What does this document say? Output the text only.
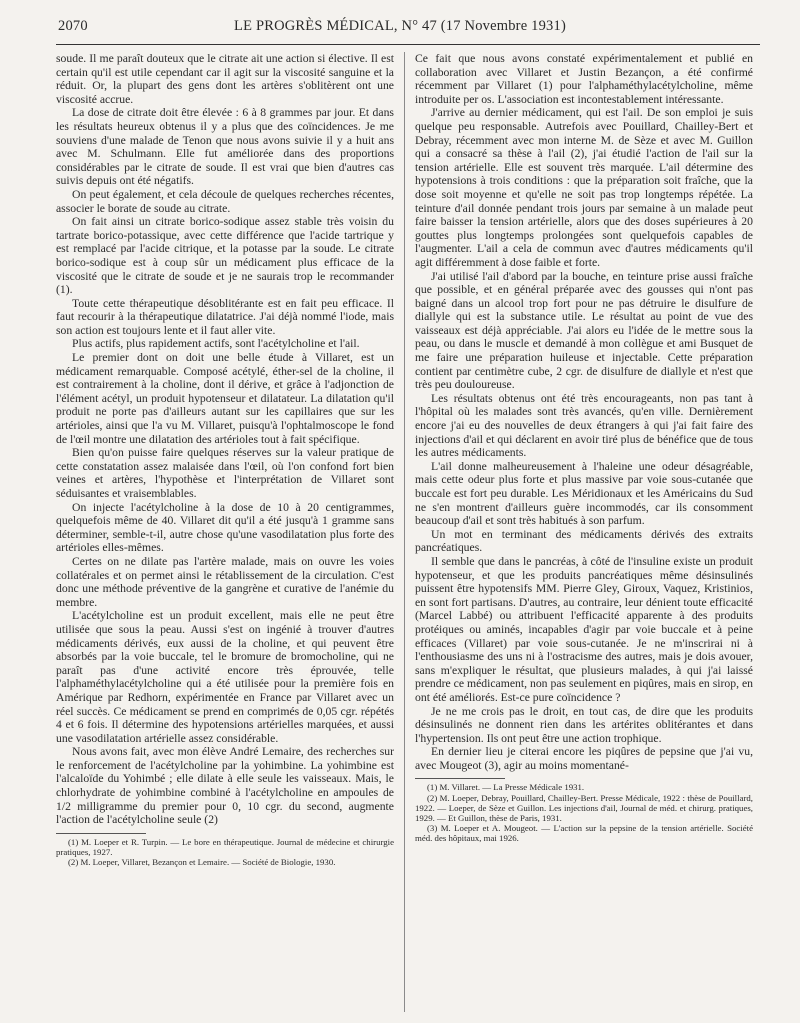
2070	LE PROGRÈS MÉDICAL, N° 47 (17 Novembre 1931)

soude. Il me paraît douteux que le citrate ait une action si élective. Il est certain qu'il est utile cependant car il agit sur la viscosité sanguine et la réduit. Or, la plupart des gens dont les artères s'oblitèrent ont une viscosité accrue.

La dose de citrate doit être élevée : 6 à 8 grammes par jour. Et dans les résultats heureux obtenus il y a plus que des coïncidences. Je me souviens d'une malade de Tenon que nous avons suivie il y a huit ans avec M. Schulmann. Elle fut améliorée dans des proportions considérables par le citrate de soude. Il est vrai que bien d'autres cas suivis depuis ont été négatifs.

On peut également, et cela découle de quelques recherches récentes, associer le borate de soude au citrate.

On fait ainsi un citrate borico-sodique assez stable très voisin du tartrate borico-potassique, avec cette différence que l'acide tartrique y est remplacé par l'acide citrique, et la potasse par la soude. Le citrate borico-sodique est à coup sûr un médicament plus efficace de la viscosité que le citrate de soude et je ne saurais trop le recommander (1).

Toute cette thérapeutique désoblitérante est en fait peu efficace. Il faut recourir à la thérapeutique dilatatrice. J'ai déjà nommé l'iode, mais son action est toujours lente et il faut aller vite.

Plus actifs, plus rapidement actifs, sont l'acétylcholine et l'ail.

Le premier dont on doit une belle étude à Villaret, est un médicament remarquable. Composé acétylé, éther-sel de la choline, il est contrairement à la choline, dont il dérive, et grâce à l'adjonction de l'élément acétyl, un produit hypotenseur et dilatateur. La dilatation qu'il produit ne porte pas d'ailleurs autant sur les capillaires que sur les artérioles, ainsi que l'a vu M. Villaret, puisqu'à l'ophtalmoscope le fond de l'œil montre une dilatation des artérioles tout à fait spécifique.

Bien qu'on puisse faire quelques réserves sur la valeur pratique de cette constatation assez malaisée dans l'œil, où l'on confond fort bien veines et artères, l'hypothèse et l'interprétation de Villaret sont séduisantes et vraisemblables.

On injecte l'acétylcholine à la dose de 10 à 20 centigrammes, quelquefois même de 40. Villaret dit qu'il a été jusqu'à 1 gramme sans déterminer, semble-t-il, autre chose qu'une vasodilatation plus forte des artérioles elles-mêmes.

Certes on ne dilate pas l'artère malade, mais on ouvre les voies collatérales et on permet ainsi le rétablissement de la circulation. C'est donc une méthode préventive de la gangrène et curative de l'anémie du membre.

L'acétylcholine est un produit excellent, mais elle ne peut être utilisée que sous la peau. Aussi s'est on ingénié à trouver d'autres médicaments dérivés, eux aussi de la choline, et qui peuvent être absorbés par la voie buccale, tel le bromure de bromocholine, qui ne paraît pas d'une activité encore très éprouvée, telle l'alphaméthylacétylcholine qui a été utilisée pour la première fois en Amérique par Redhorn, expérimentée en France par Villaret avec un réel succès. Ce médicament se prend en comprimés de 0,05 cgr. répétés 4 et 6 fois. Il détermine des hypotensions artérielles marquées, et aussi une vasodilatation artérielle assez considérable.

Nous avons fait, avec mon élève André Lemaire, des recherches sur le renforcement de l'acétylcholine par la yohimbine. La yohimbine est l'alcaloïde du Yohimbé ; elle dilate à elle seule les vaisseaux. Mais, le chlorhydrate de yohimbine combiné à l'acétylcholine en ampoules de 1/2 milligramme du premier pour 0, 10 cgr. du second, augmente l'action de l'acétylcholine seule (2)

(1) M. Loeper et R. Turpin. — Le bore en thérapeutique. Journal de médecine et chirurgie pratiques, 1927.

(2) M. Loeper, Villaret, Bezançon et Lemaire. — Société de Biologie, 1930.

Ce fait que nous avons constaté expérimentalement et publié en collaboration avec Villaret et Justin Bezançon, a été confirmé récemment par Villaret (1) pour l'alphaméthylacétylcholine, même introduite per os. L'association est incontestablement intéressante.

J'arrive au dernier médicament, qui est l'ail. De son emploi je suis quelque peu responsable. Autrefois avec Pouillard, Chailley-Bert et Debray, récemment avec mon interne M. de Sèze et avec M. Guillon qui a consacré sa thèse à l'ail (2), j'ai étudié l'action de l'ail sur la tension artérielle. Elle est souvent très marquée. L'ail détermine des hypotensions à trois conditions : que la préparation soit fraîche, que la dose soit moyenne et qu'elle ne soit pas trop longtemps répétée. La teinture d'ail donnée pendant trois jours par semaine à un malade peut faire baisser la tension artérielle, alors que des doses supérieures à 20 gouttes plus longtemps prolongées sont quelquefois capables de l'augmenter. L'ail a cela de commun avec d'autres médicaments qu'il agit différemment à dose faible et forte.

J'ai utilisé l'ail d'abord par la bouche, en teinture prise aussi fraîche que possible, et en général préparée avec des gousses qui n'ont pas baigné dans un alcool trop fort pour ne pas détruire le disulfure de diallyle qui est la substance utile. Le résultat au point de vue des vaisseaux est déjà appréciable. J'ai alors eu l'idée de le mettre sous la peau, ou dans le muscle et demandé à mon collègue et ami Busquet de me faire une préparation huileuse et injectable. Cette préparation contient par centimètre cube, 2 cgr. de disulfure de diallyle et n'est que très peu douloureuse.

Les résultats obtenus ont été très encourageants, non pas tant à l'hôpital où les malades sont très avancés, qu'en ville. Dernièrement encore j'ai eu des nouvelles de deux étrangers à qui j'ai fait faire des injections d'ail et qui déclarent en avoir tiré plus de bénéfice que de tous les autres médicaments.

L'ail donne malheureusement à l'haleine une odeur désagréable, mais cette odeur plus forte et plus massive par voie sous-cutanée que buccale est fort peu durable. Les Méridionaux et les Américains du Sud ne s'en montrent d'ailleurs guère incommodés, car ils consomment beaucoup d'ail et sont très habitués à son parfum.

Un mot en terminant des médicaments dérivés des extraits pancréatiques.

Il semble que dans le pancréas, à côté de l'insuline existe un produit hypotenseur, et que les produits pancréatiques même désinsulinés puissent être hypotensifs MM. Pierre Gley, Giroux, Vaquez, Kristinios, en sont fort partisans. D'autres, au contraire, leur dénient toute efficacité (Marcel Labbé) ou attribuent l'efficacité apparente à des produits protéiques ou aminés, incapables d'agir par voie buccale et à peine efficaces (Villaret) par voie sous-cutanée. Je ne m'inscrirai ni à l'enthousiasme des uns ni à l'ostracisme des autres, mais je dois avouer, sans m'expliquer le résultat, que plusieurs malades, à qui j'ai laissé prendre ce médicament, non pas seulement en piqûres, mais en sirop, en ont été améliorés. Est-ce pure coïncidence ?

Je ne me crois pas le droit, en tout cas, de dire que les produits désinsulinés ne donnent rien dans les artérites oblitérantes et dans l'hypertension. Ils ont peut être une action trophique.

En dernier lieu je citerai encore les piqûres de pepsine que j'ai vu, avec Mougeot (3), agir au moins momentané-

(1) M. Villaret. — La Presse Médicale 1931.

(2) M. Loeper, Debray, Pouillard, Chailley-Bert. Presse Médicale, 1922 : thèse de Pouillard, 1922. — Loeper, de Sèze et Guillon. Les injections d'ail, Journal de méd. et chirurg. pratiques, 1929. — Et Guillon, thèse de Paris, 1931.

(3) M. Loeper et A. Mougeot. — L'action sur la pepsine de la tension artérielle. Société méd. des hôpitaux, mai 1926.
